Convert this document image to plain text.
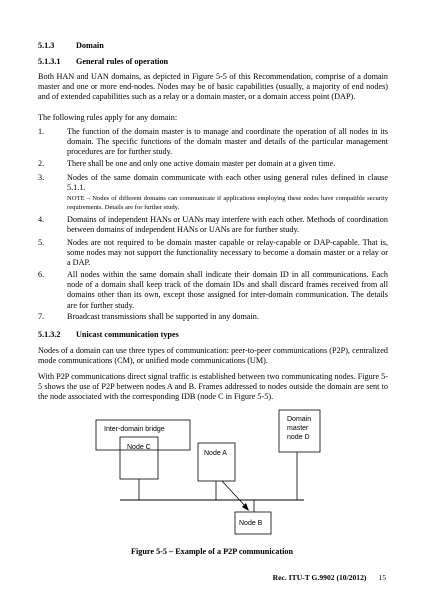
5.1.3	Domain
5.1.3.1 General rules of operation

Both HAN and UAN domains, as depicted in Figure 5-5 of this Recommendation, comprise of a domain master and one or more end-nodes. Nodes may be of basic capabilities (usually, a majority of end nodes) and of extended capabilities such as a relay or a domain master, or a domain access point (DAP).

The following rules apply for any domain:

1.	The function of the domain master is to manage and coordinate the operation of all nodes in its domain. The specific functions of the domain master and details of the particular management procedures are for further study.
2.	There shall be one and only one active domain master per domain at a given time.
3.	Nodes of the same domain communicate with each other using general rules defined in clause 5.1.1.
NOTE – Nodes of different domains can communicate if applications employing these nodes have compatible security requirements. Details are for further study.
4.	Domains of independent HANs or UANs may interfere with each other. Methods of coordination between domains of independent HANs or UANs are for further study.
5.	Nodes are not required to be domain master capable or relay-capable or DAP-capable. That is, some nodes may not support the functionality necessary to become a domain master or a relay or a DAP.
6.	All nodes within the same domain shall indicate their domain ID in all communications. Each node of a domain shall keep track of the domain IDs and shall discard frames received from all domains other than its own, except those assigned for inter-domain communication. The details are for further study.
7.	Broadcast transmissions shall be supported in any domain.
5.1.3.2 Unicast communication types

Nodes of a domain can use three types of communication: peer-to-peer communications (P2P), centralized mode communications (CM), or unified mode communications (UM).

With P2P communications direct signal traffic is established between two communicating nodes. Figure 5-5 shows the use of P2P between nodes A and B. Frames addressed to nodes outside the domain are sent to the node associated with the corresponding IDB (node C in Figure 5-5).

Inter-domain bridge
Node C
Node A
Domain
master
node D
Node B
Figure 5-5 – Example of a P2P communication
Rec. ITU-T G.9902 (10/2012) 15
